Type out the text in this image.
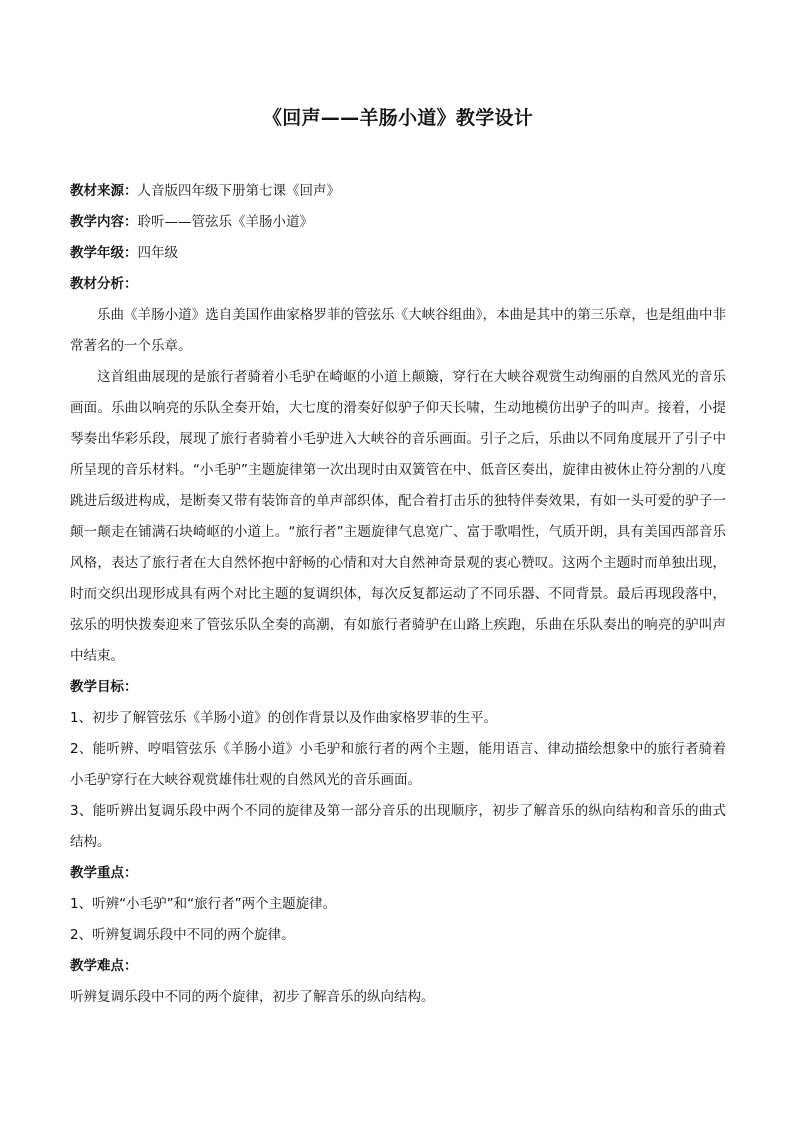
《回声——羊肠小道》教学设计
教材来源：人音版四年级下册第七课《回声》
教学内容：聆听——管弦乐《羊肠小道》
教学年级：四年级
教材分析：

乐曲《羊肠小道》选自美国作曲家格罗菲的管弦乐《大峡谷组曲》，本曲是其中的第三乐章，也是组曲中非常著名的一个乐章。

这首组曲展现的是旅行者骑着小毛驴在崎岖的小道上颠簸，穿行在大峡谷观赏生动绚丽的自然风光的音乐画面。乐曲以响亮的乐队全奏开始，大七度的滑奏好似驴子仰天长啸，生动地模仿出驴子的叫声。接着，小提琴奏出华彩乐段，展现了旅行者骑着小毛驴进入大峡谷的音乐画面。引子之后，乐曲以不同角度展开了引子中所呈现的音乐材料。“小毛驴”主题旋律第一次出现时由双簧管在中、低音区奏出，旋律由被休止符分割的八度跳进后级进构成，是断奏又带有装饰音的单声部织体，配合着打击乐的独特伴奏效果，有如一头可爱的驴子一颠一颠走在铺满石块崎岖的小道上。“旅行者”主题旋律气息宽广、富于歌唱性，气质开朗，具有美国西部音乐风格，表达了旅行者在大自然怀抱中舒畅的心情和对大自然神奇景观的衷心赞叹。这两个主题时而单独出现，时而交织出现形成具有两个对比主题的复调织体，每次反复都运动了不同乐器、不同背景。最后再现段落中，弦乐的明快拨奏迎来了管弦乐队全奏的高潮，有如旅行者骑驴在山路上疾跑，乐曲在乐队奏出的响亮的驴叫声中结束。

教学目标：

1、初步了解管弦乐《羊肠小道》的创作背景以及作曲家格罗菲的生平。

2、能听辨、哼唱管弦乐《羊肠小道》小毛驴和旅行者的两个主题，能用语言、律动描绘想象中的旅行者骑着小毛驴穿行在大峡谷观赏雄伟壮观的自然风光的音乐画面。

3、能听辨出复调乐段中两个不同的旋律及第一部分音乐的出现顺序，初步了解音乐的纵向结构和音乐的曲式结构。

教学重点：

1、听辨“小毛驴”和“旅行者”两个主题旋律。

2、听辨复调乐段中不同的两个旋律。

教学难点：

听辨复调乐段中不同的两个旋律，初步了解音乐的纵向结构。
